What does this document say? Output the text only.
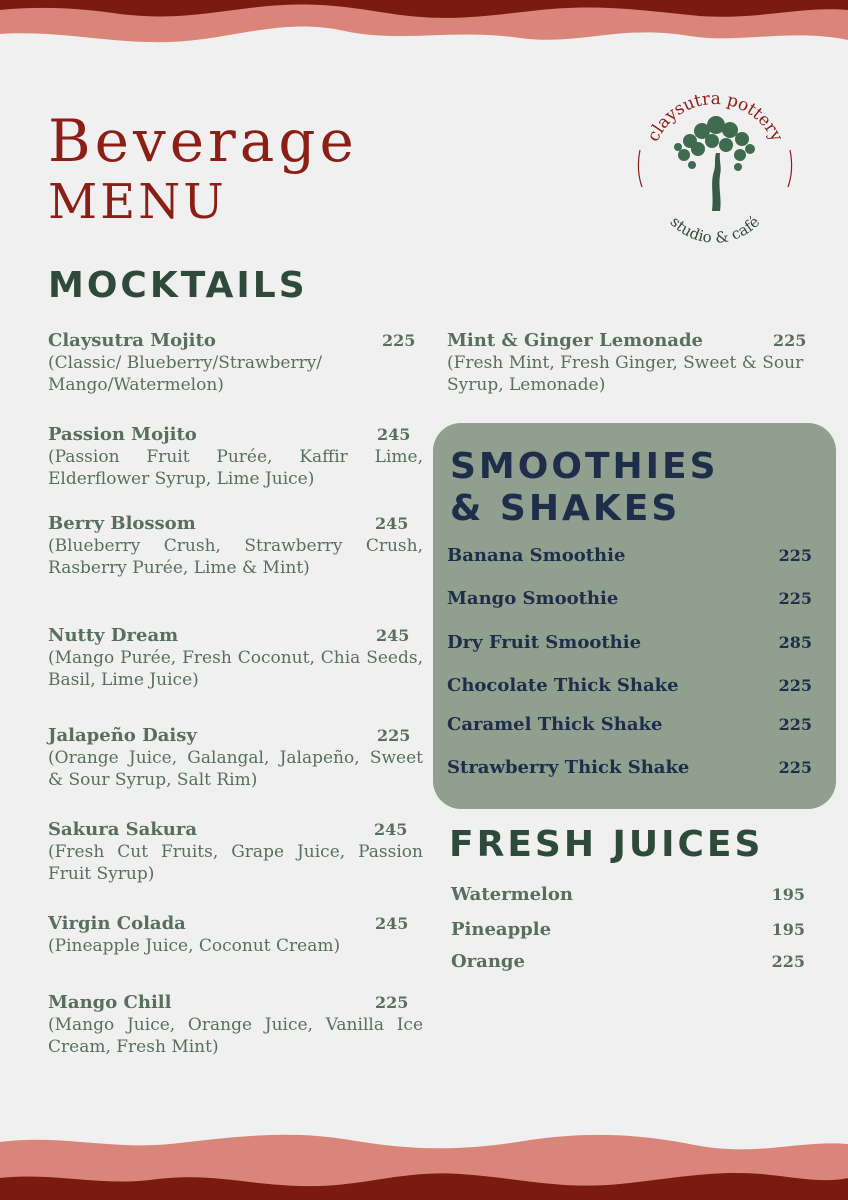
Beverage
MENU
claysutra pottery
studio & café
MOCKTAILS
Claysutra Mojito	225
(Classic/ Blueberry/Strawberry/ Mango/Watermelon)
Passion Mojito	245
(Passion Fruit Purée, Kaffir Lime, Elderflower Syrup, Lime Juice)
Berry Blossom	245
(Blueberry Crush, Strawberry Crush, Rasberry Purée, Lime & Mint)
Nutty Dream	245
(Mango Purée, Fresh Coconut, Chia Seeds, Basil, Lime Juice)
Jalapeño Daisy	225
(Orange Juice, Galangal, Jalapeño, Sweet & Sour Syrup, Salt Rim)
Sakura Sakura	245
(Fresh Cut Fruits, Grape Juice, Passion Fruit Syrup)
Virgin Colada	245
(Pineapple Juice, Coconut Cream)
Mango Chill	225
(Mango Juice, Orange Juice, Vanilla Ice Cream, Fresh Mint)
Mint & Ginger Lemonade	225
(Fresh Mint, Fresh Ginger, Sweet & Sour Syrup, Lemonade)
SMOOTHIES
& SHAKES
Banana Smoothie	225
Mango Smoothie	225
Dry Fruit Smoothie	285
Chocolate Thick Shake	225
Caramel Thick Shake	225
Strawberry Thick Shake	225
FRESH JUICES
Watermelon	195
Pineapple	195
Orange	225
